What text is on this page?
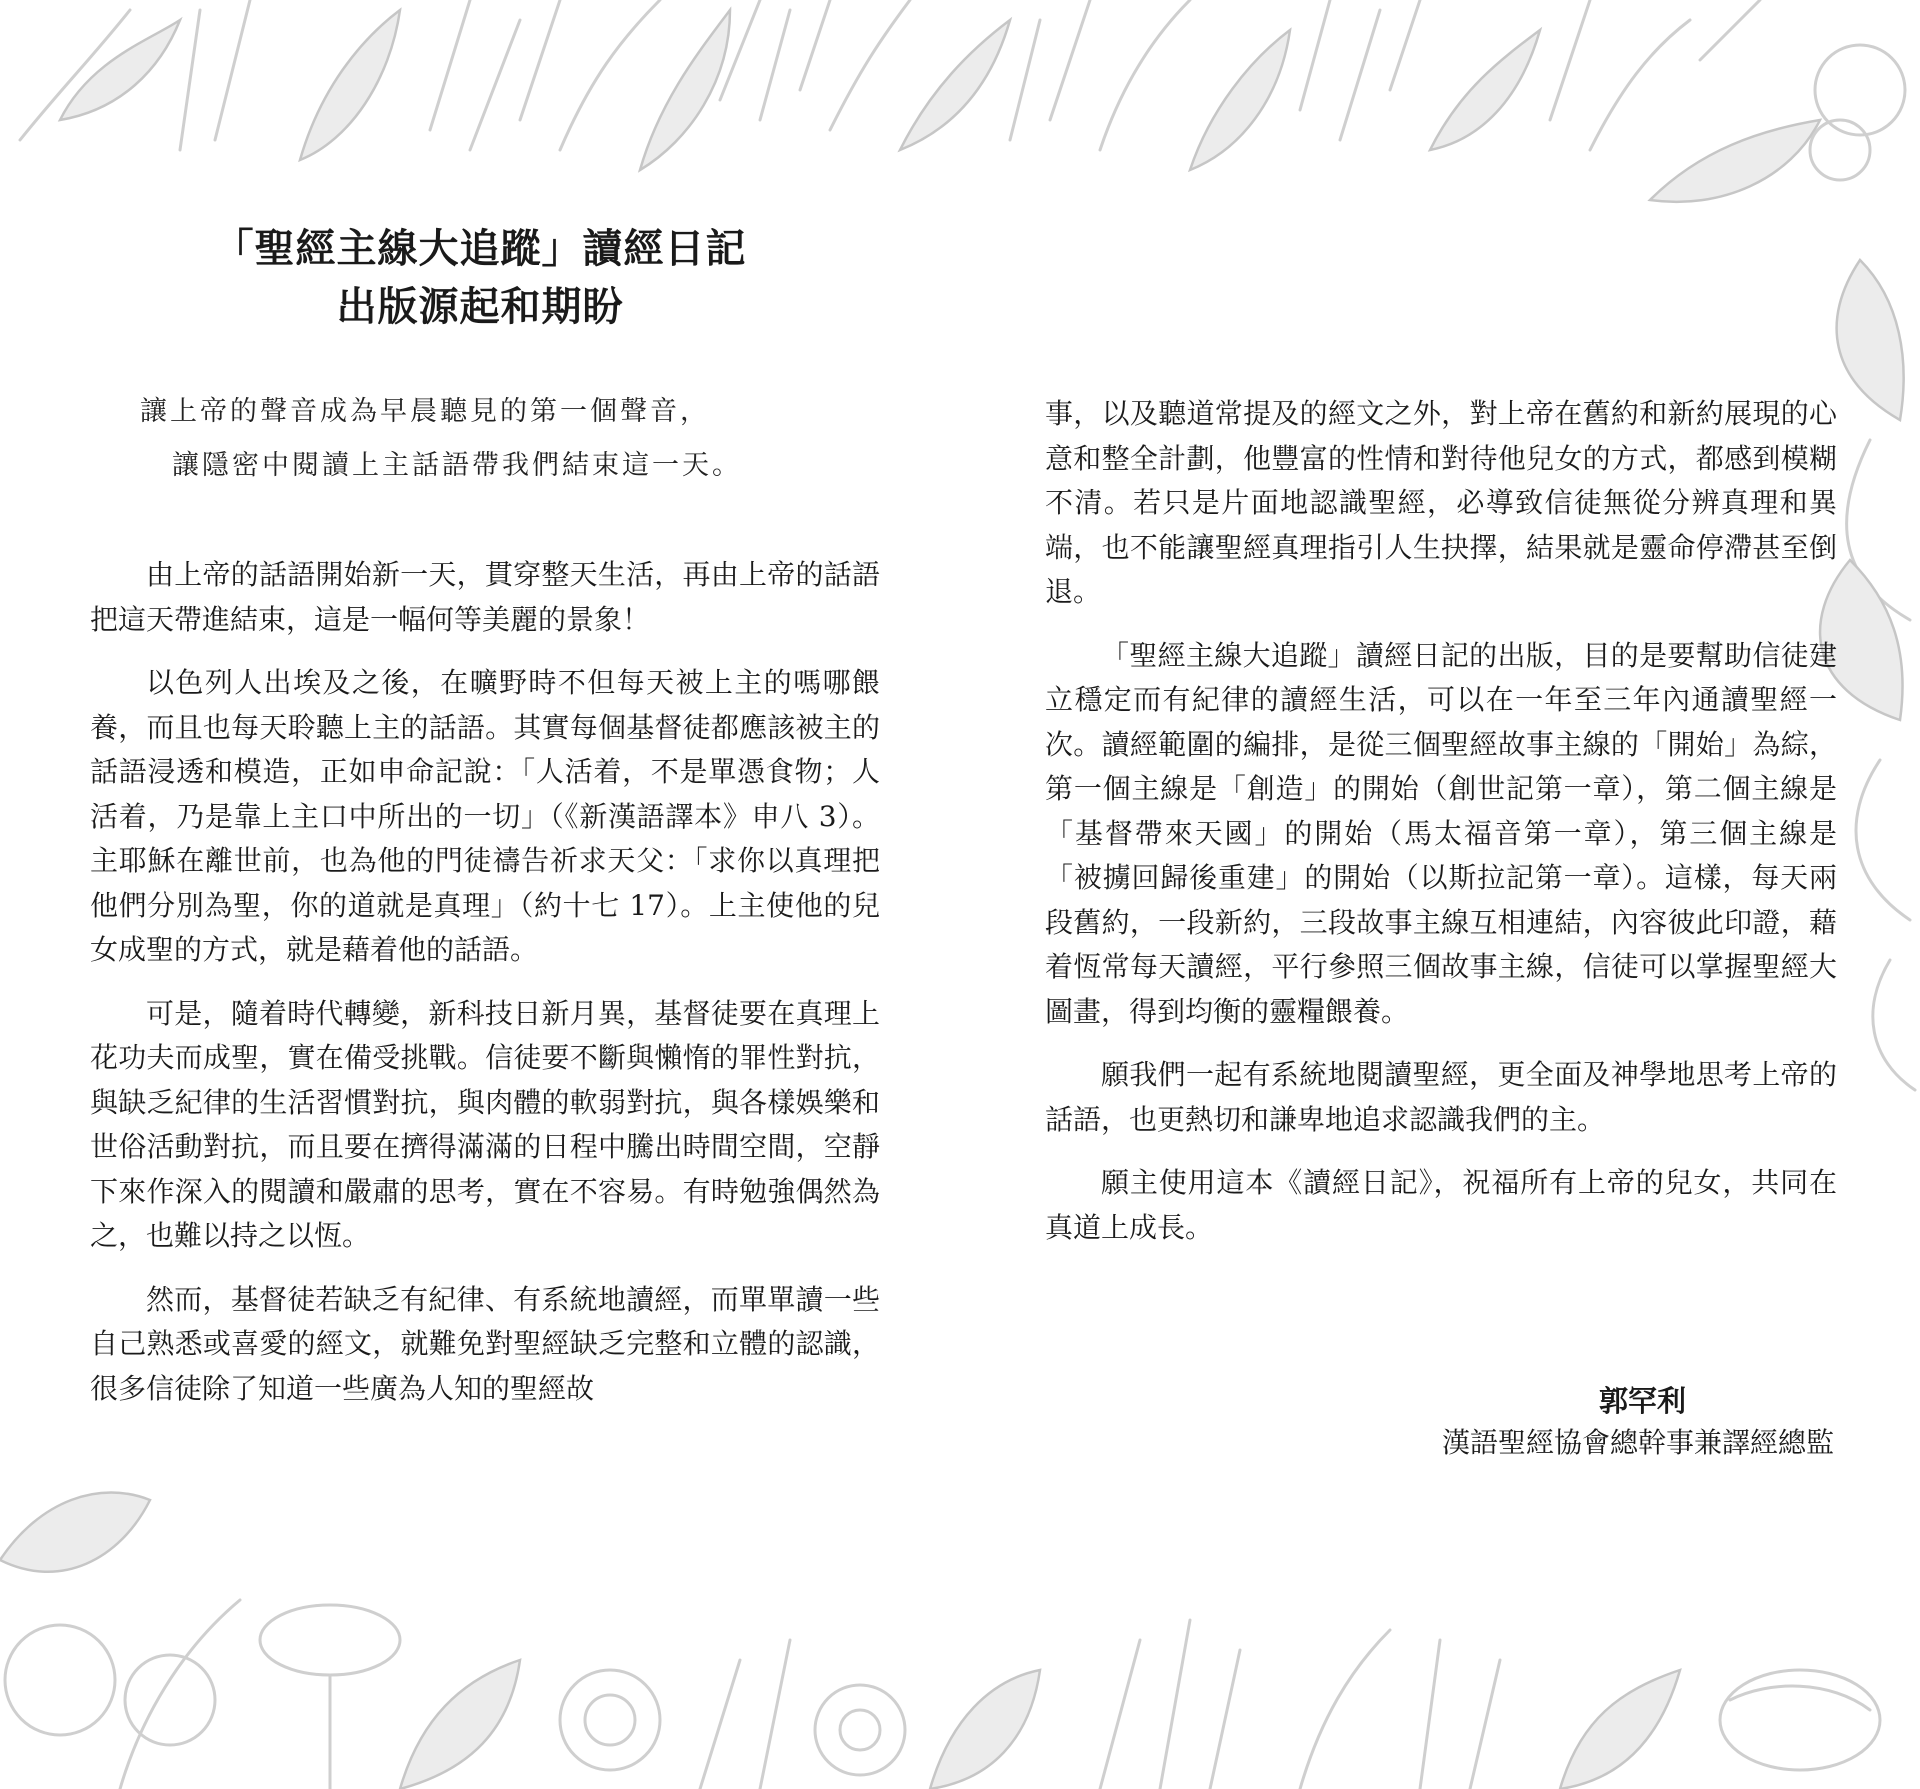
「聖經主線大追蹤」讀經日記
出版源起和期盼

讓上帝的聲音成為早晨聽見的第一個聲音，

讓隱密中閱讀上主話語帶我們結束這一天。

由上帝的話語開始新一天，貫穿整天生活，再由上帝的話語把這天帶進結束，這是一幅何等美麗的景象！

以色列人出埃及之後，在曠野時不但每天被上主的嗎哪餵養，而且也每天聆聽上主的話語。其實每個基督徒都應該被主的話語浸透和模造，正如申命記說：「人活着，不是單憑食物；人活着，乃是靠上主口中所出的一切」（《新漢語譯本》申八 3）。主耶穌在離世前，也為他的門徒禱告祈求天父：「求你以真理把他們分別為聖，你的道就是真理」（約十七 17）。上主使他的兒女成聖的方式，就是藉着他的話語。

可是，隨着時代轉變，新科技日新月異，基督徒要在真理上花功夫而成聖，實在備受挑戰。信徒要不斷與懶惰的罪性對抗，與缺乏紀律的生活習慣對抗，與肉體的軟弱對抗，與各樣娛樂和世俗活動對抗，而且要在擠得滿滿的日程中騰出時間空間，空靜下來作深入的閱讀和嚴肅的思考，實在不容易。有時勉強偶然為之，也難以持之以恆。

然而，基督徒若缺乏有紀律、有系統地讀經，而單單讀一些自己熟悉或喜愛的經文，就難免對聖經缺乏完整和立體的認識，很多信徒除了知道一些廣為人知的聖經故

事，以及聽道常提及的經文之外，對上帝在舊約和新約展現的心意和整全計劃，他豐富的性情和對待他兒女的方式，都感到模糊不清。若只是片面地認識聖經，必導致信徒無從分辨真理和異端，也不能讓聖經真理指引人生抉擇，結果就是靈命停滯甚至倒退。

「聖經主線大追蹤」讀經日記的出版，目的是要幫助信徒建立穩定而有紀律的讀經生活，可以在一年至三年內通讀聖經一次。讀經範圍的編排，是從三個聖經故事主線的「開始」為綜，第一個主線是「創造」的開始（創世記第一章），第二個主線是「基督帶來天國」的開始（馬太福音第一章），第三個主線是「被擄回歸後重建」的開始（以斯拉記第一章）。這樣，每天兩段舊約，一段新約，三段故事主線互相連結，內容彼此印證，藉着恆常每天讀經，平行參照三個故事主線，信徒可以掌握聖經大圖畫，得到均衡的靈糧餵養。

願我們一起有系統地閱讀聖經，更全面及神學地思考上帝的話語，也更熱切和謙卑地追求認識我們的主。

願主使用這本《讀經日記》，祝福所有上帝的兒女，共同在真道上成長。

郭罕利
漢語聖經協會總幹事兼譯經總監
